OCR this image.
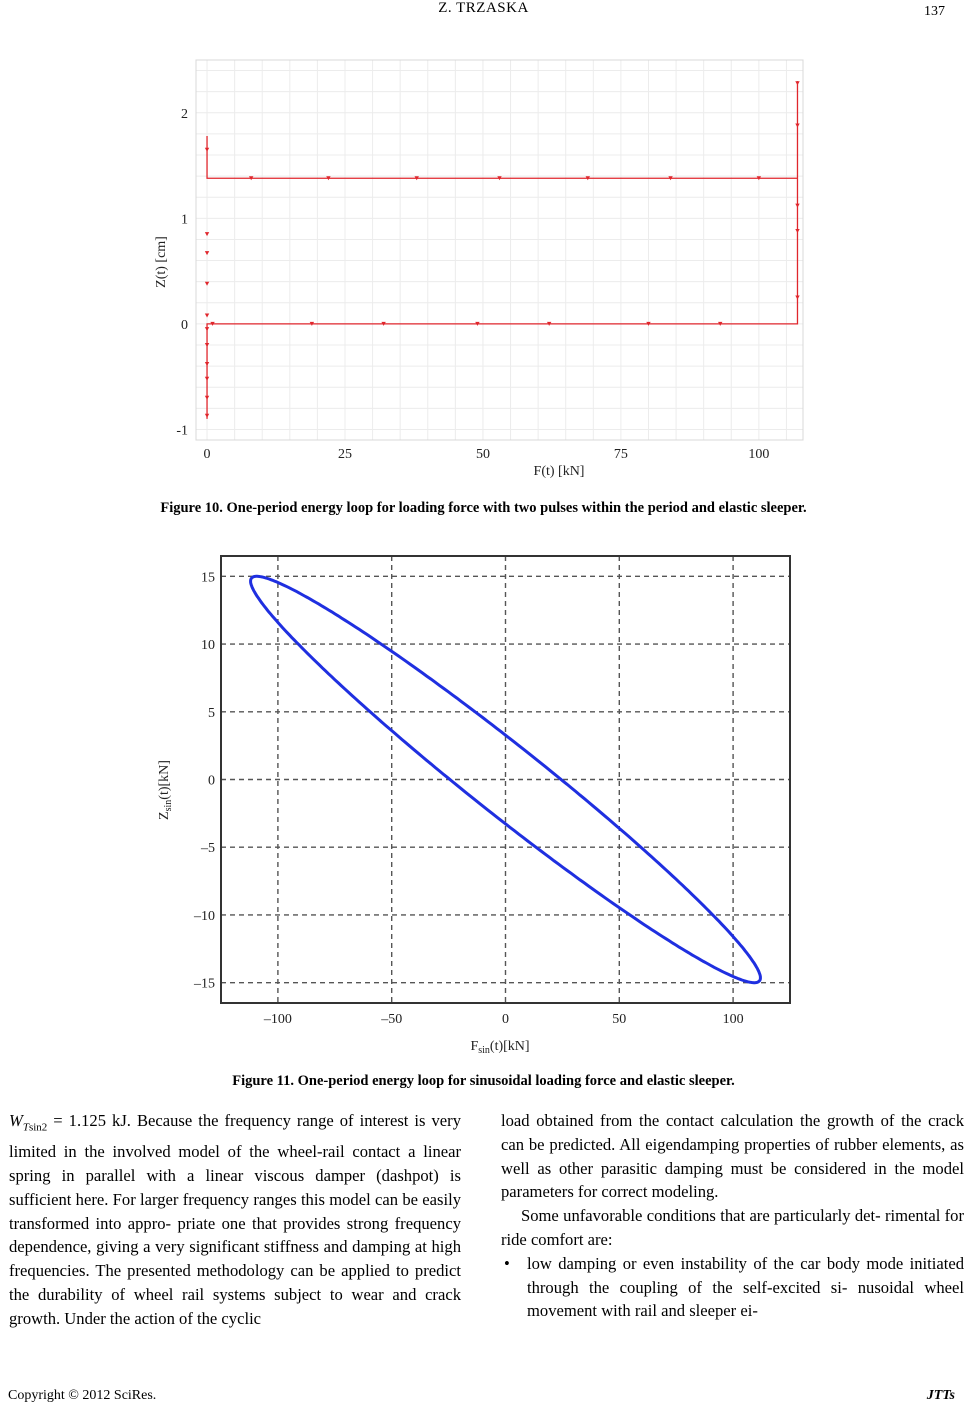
Z. TRZASKA	137
0	25	50	75	100
2
1
0
-1
F(t) [kN]
Z(t) [cm]
Figure 10. One-period energy loop for loading force with two pulses within the period and elastic sleeper.
–100	–50	0	50	100
15
10
5
0
–5
–10
–15
$F_{sin}(t)[kN]$
$Z_{sin}(t)[kN]$
Figure 11. One-period energy loop for sinusoidal loading force and elastic sleeper.

$W_{Tsin2} = 1.125$ kJ. Because the frequency range of interest is very limited in the involved model of the wheel-rail contact a linear spring in parallel with a linear viscous damper (dashpot) is sufficient here. For larger frequency ranges this model can be easily transformed into appro- priate one that provides strong frequency dependence, giving a very significant stiffness and damping at high frequencies. The presented methodology can be applied to predict the durability of wheel rail systems subject to wear and crack growth. Under the action of the cyclic

load obtained from the contact calculation the growth of the crack can be predicted. All eigendamping properties of rubber elements, as well as other parasitic damping must be considered in the model parameters for correct modeling.

Some unfavorable conditions that are particularly det- rimental for ride comfort are:

• low damping or even instability of the car body mode initiated through the coupling of the self-excited si- nusoidal wheel movement with rail and sleeper ei-
Copyright © 2012 SciRes.	JTTs
